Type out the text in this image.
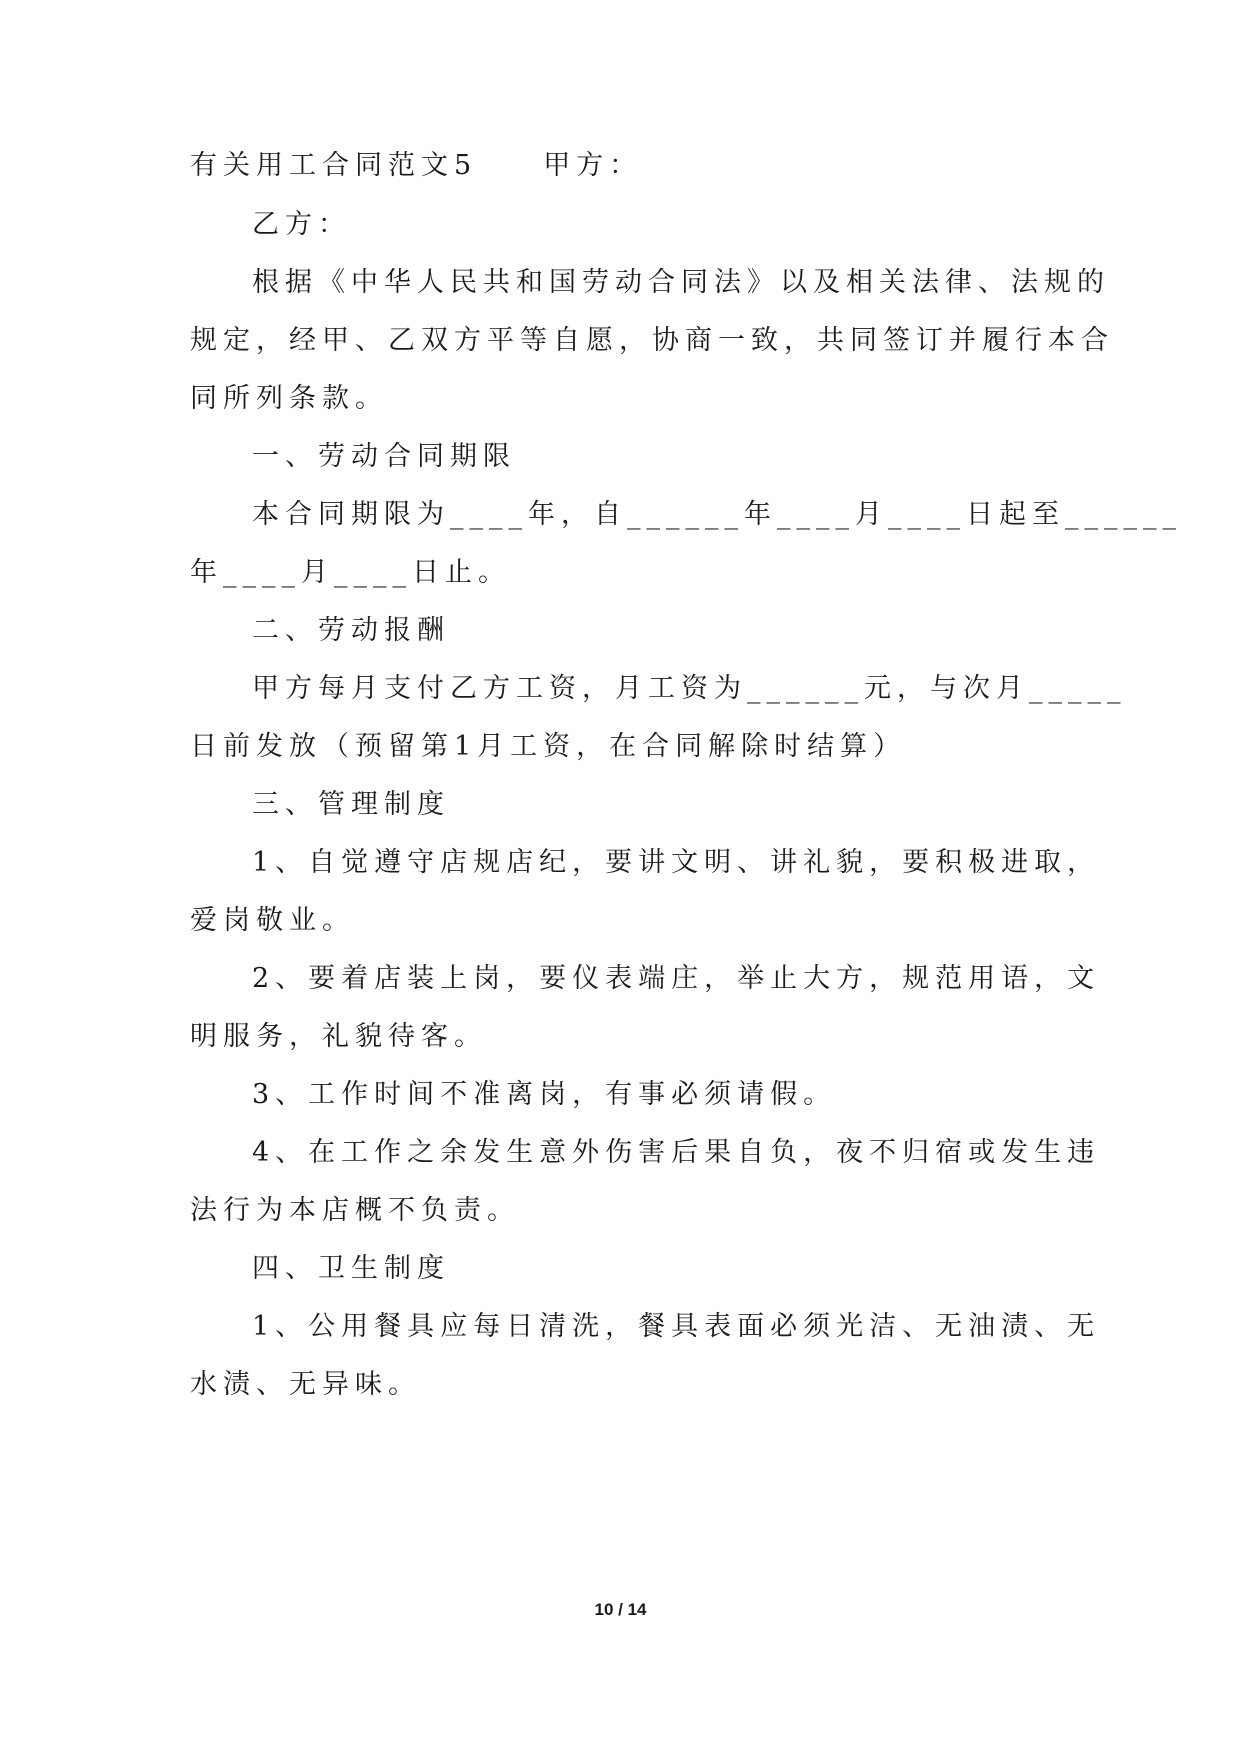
有关用工合同范文5 甲方：
乙方：
根据《中华人民共和国劳动合同法》以及相关法律、法规的
规定，经甲、乙双方平等自愿，协商一致，共同签订并履行本合
同所列条款。
一、劳动合同期限
本合同期限为____年，自______年____月____日起至______
年____月____日止。
二、劳动报酬
甲方每月支付乙方工资，月工资为______元，与次月_____
日前发放（预留第1月工资，在合同解除时结算）
三、管理制度
1、自觉遵守店规店纪，要讲文明、讲礼貌，要积极进取，
爱岗敬业。
2、要着店装上岗，要仪表端庄，举止大方，规范用语，文
明服务，礼貌待客。
3、工作时间不准离岗，有事必须请假。
4、在工作之余发生意外伤害后果自负，夜不归宿或发生违
法行为本店概不负责。
四、卫生制度
1、公用餐具应每日清洗，餐具表面必须光洁、无油渍、无
水渍、无异味。
10 / 14
